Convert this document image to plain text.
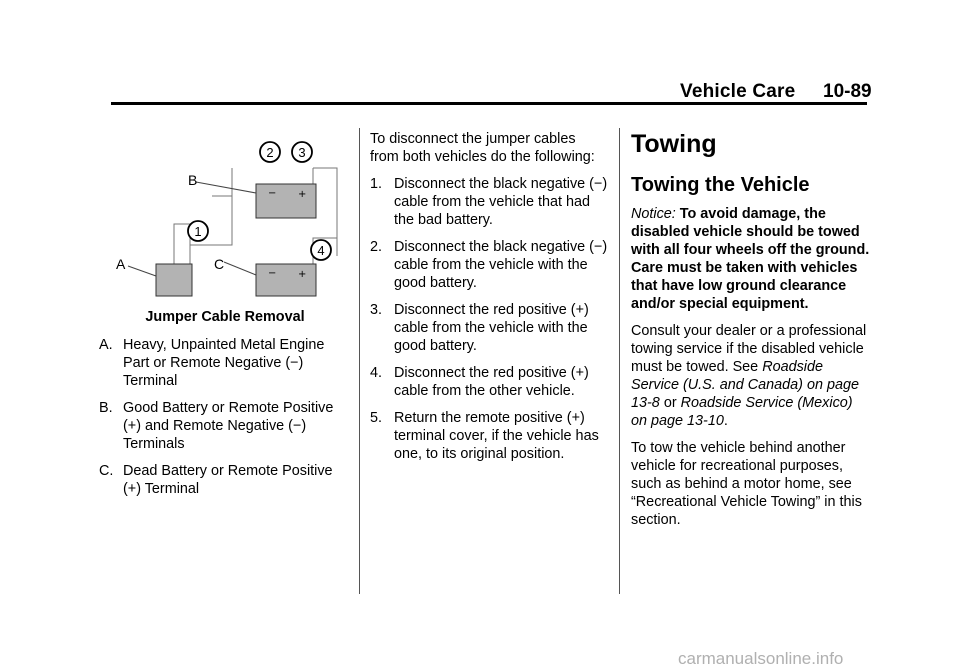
Vehicle Care 10-89
− +
− +
B
A	C
1
2 3
4
Jumper Cable Removal
A. Heavy, Unpainted Metal Engine Part or Remote Negative (−) Terminal
B. Good Battery or Remote Positive (+) and Remote Negative (−) Terminals
C. Dead Battery or Remote Positive (+) Terminal

To disconnect the jumper cables from both vehicles do the following:

1. Disconnect the black negative (−) cable from the vehicle that had the bad battery.
2. Disconnect the black negative (−) cable from the vehicle with the good battery.
3. Disconnect the red positive (+) cable from the vehicle with the good battery.
4. Disconnect the red positive (+) cable from the other vehicle.
5. Return the remote positive (+) terminal cover, if the vehicle has one, to its original position.
Towing
Towing the Vehicle

Notice: To avoid damage, the disabled vehicle should be towed with all four wheels off the ground. Care must be taken with vehicles that have low ground clearance and/or special equipment.

Consult your dealer or a professional towing service if the disabled vehicle must be towed. See Roadside Service (U.S. and Canada) on page 13-8 or Roadside Service (Mexico) on page 13-10.

To tow the vehicle behind another vehicle for recreational purposes, such as behind a motor home, see “Recreational Vehicle Towing” in this section.

carmanualsonline.info
